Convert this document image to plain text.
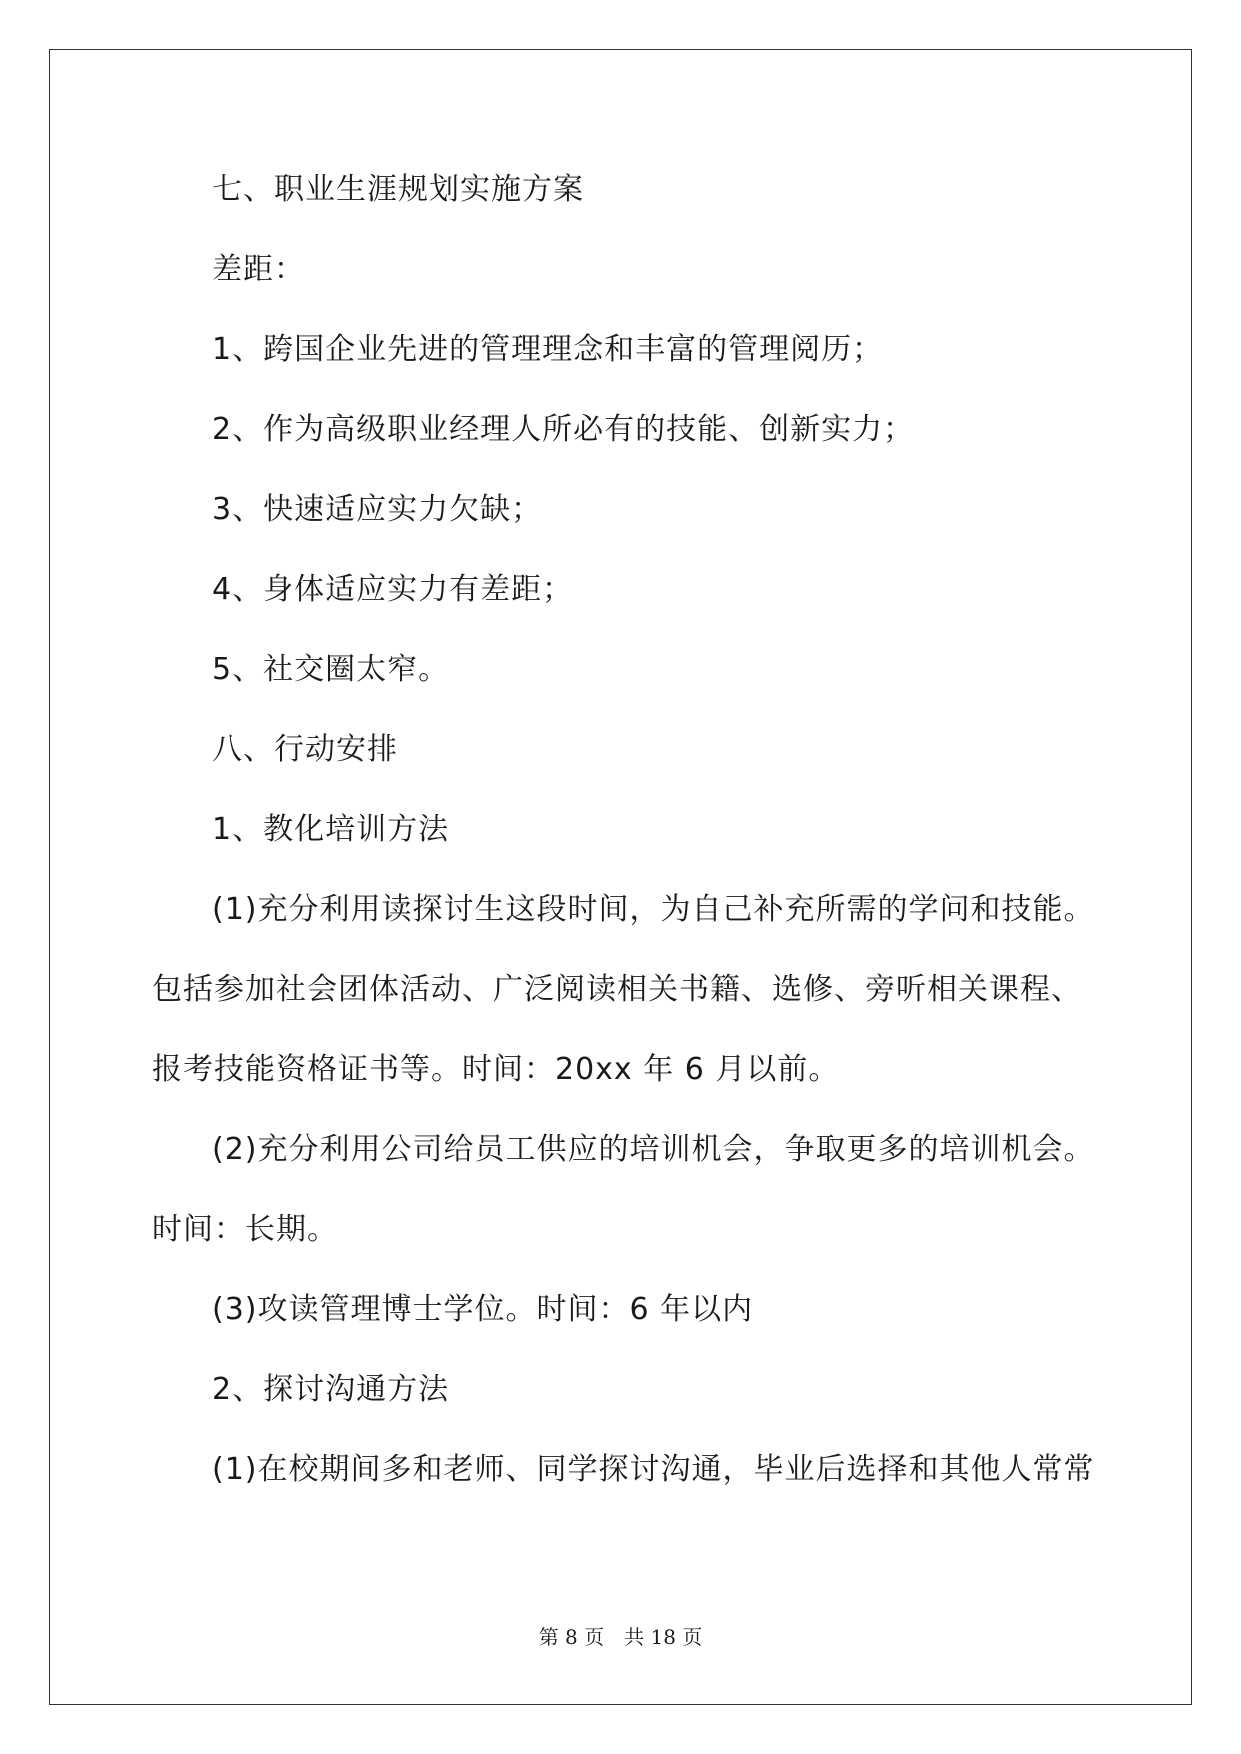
七、职业生涯规划实施方案
差距：
1、跨国企业先进的管理理念和丰富的管理阅历；
2、作为高级职业经理人所必有的技能、创新实力；
3、快速适应实力欠缺；
4、身体适应实力有差距；
5、社交圈太窄。
八、行动安排
1、教化培训方法
(1)充分利用读探讨生这段时间，为自己补充所需的学问和技能。
包括参加社会团体活动、广泛阅读相关书籍、选修、旁听相关课程、
报考技能资格证书等。时间：20xx 年 6 月以前。
(2)充分利用公司给员工供应的培训机会，争取更多的培训机会。
时间：长期。
(3)攻读管理博士学位。时间：6 年以内
2、探讨沟通方法
(1)在校期间多和老师、同学探讨沟通，毕业后选择和其他人常常
第 8 页 共 18 页
